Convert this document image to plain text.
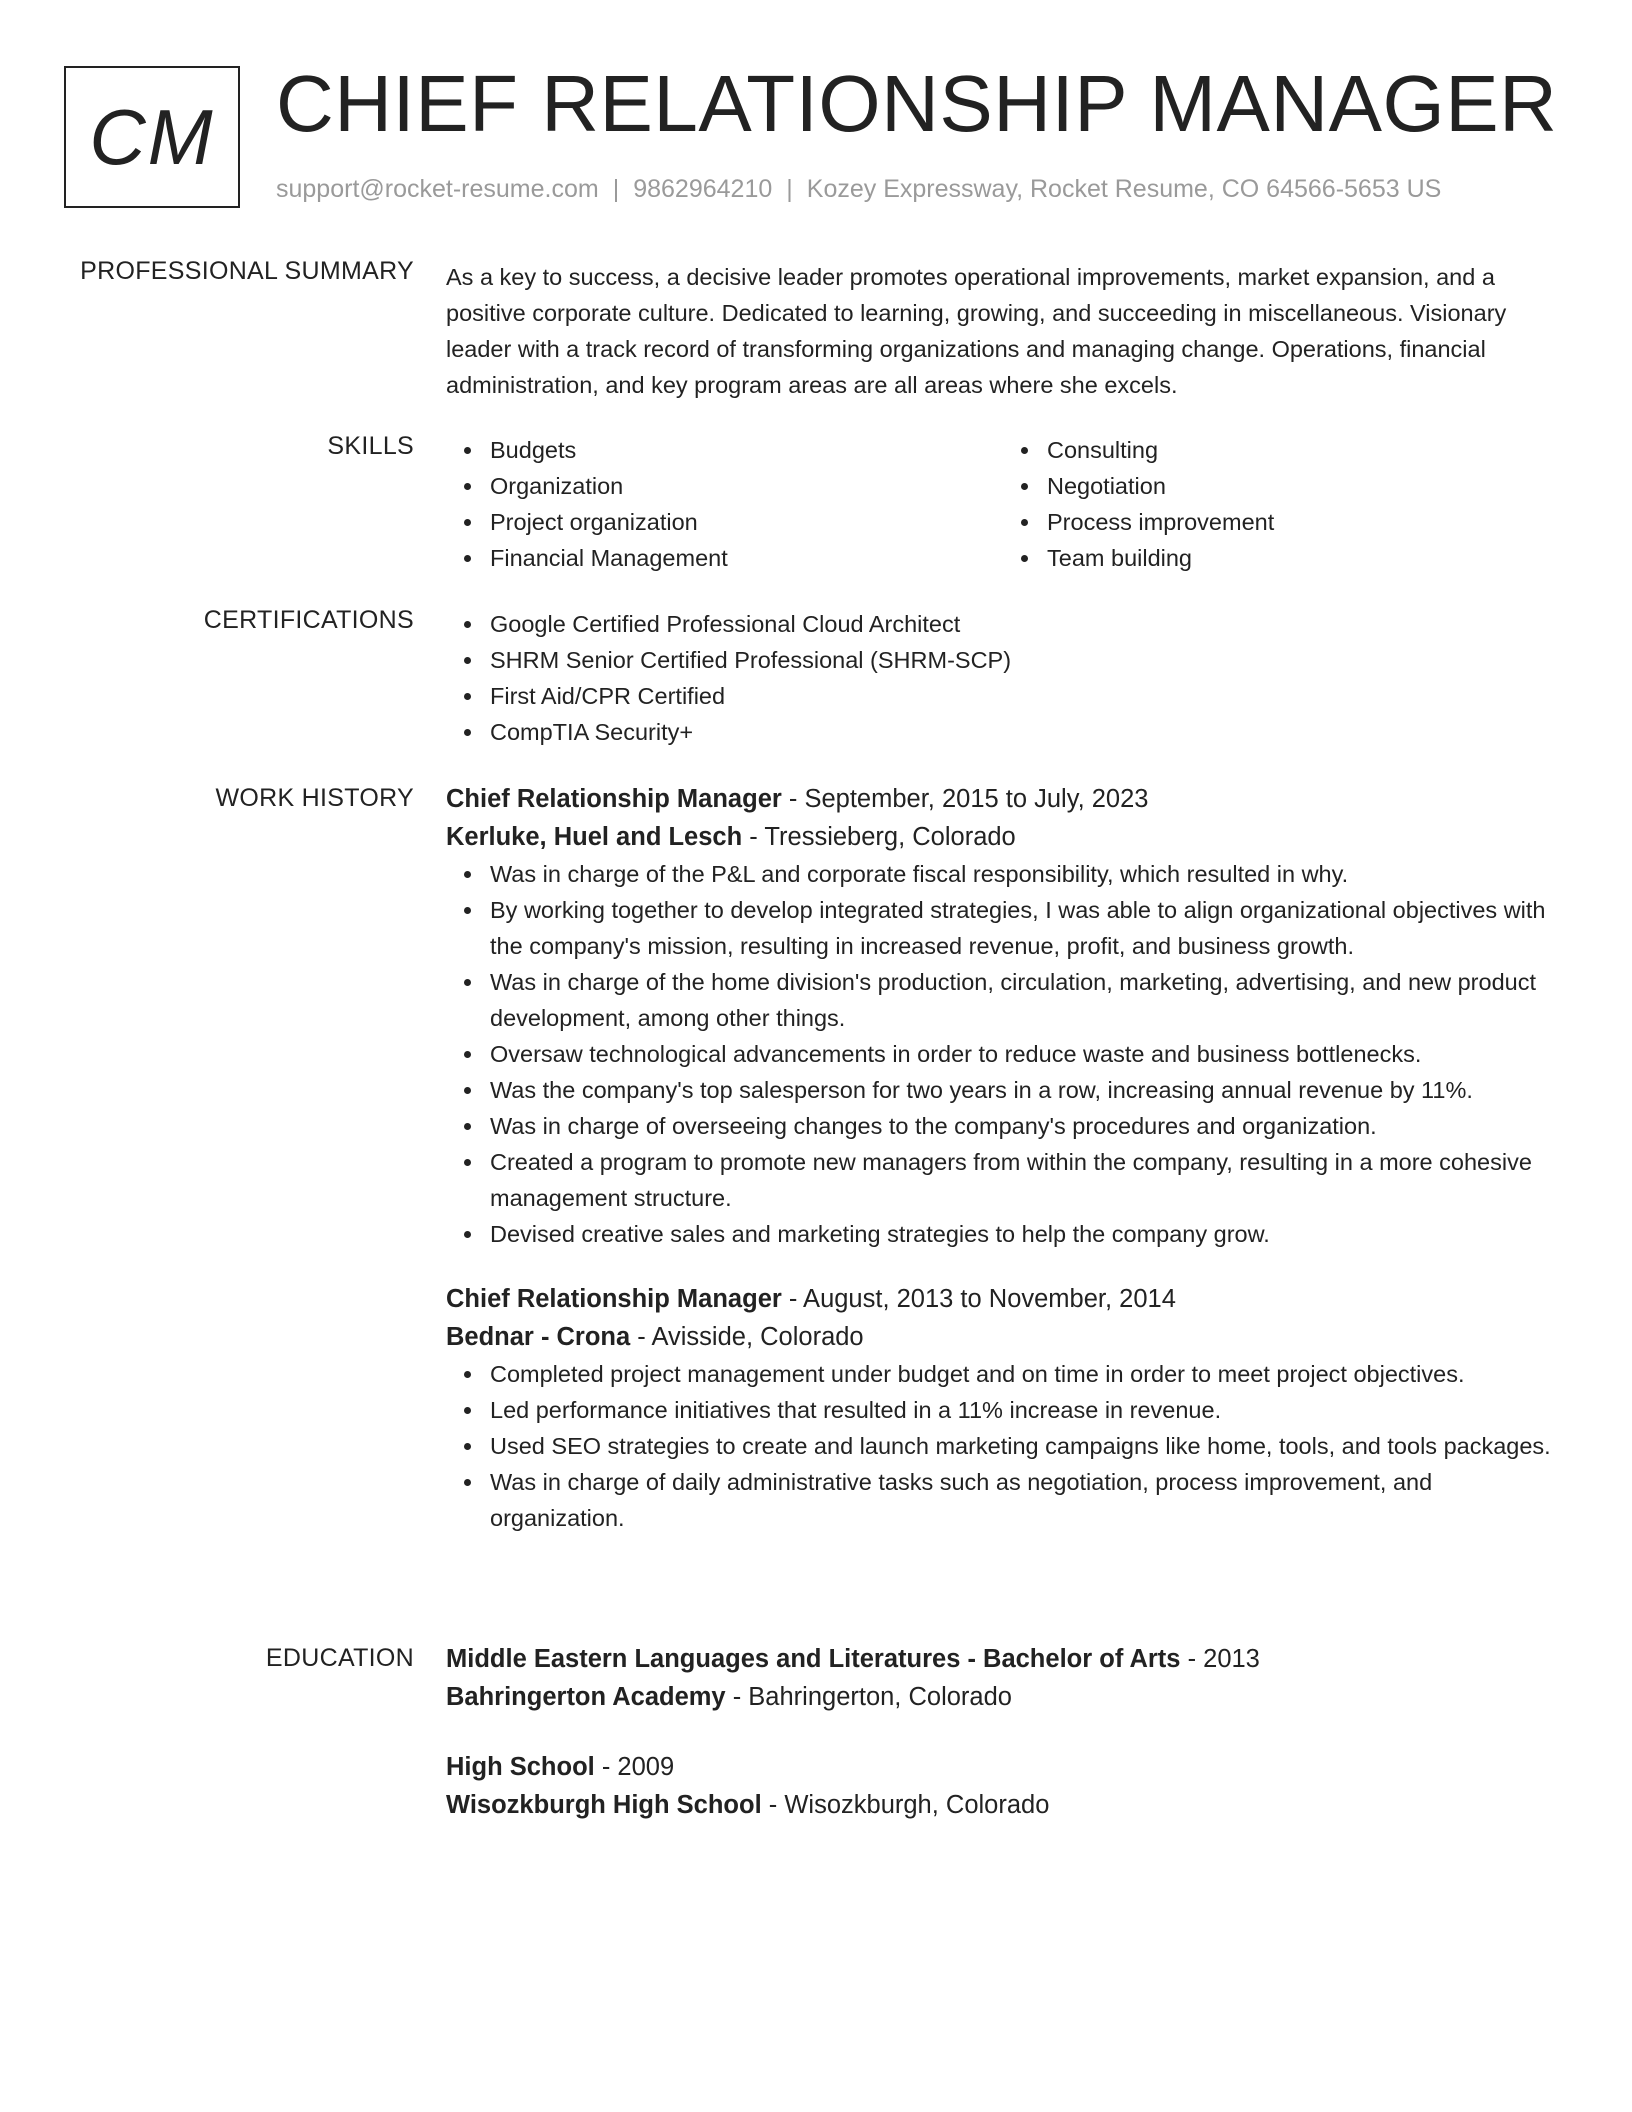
CM CHIEF RELATIONSHIP MANAGER
support@rocket-resume.com | 9862964210 | Kozey Expressway, Rocket Resume, CO 64566-5653 US
PROFESSIONAL SUMMARY As a key to success, a decisive leader promotes operational improvements, market expansion, and a positive corporate culture. Dedicated to learning, growing, and succeeding in miscellaneous. Visionary leader with a track record of transforming organizations and managing change. Operations, financial administration, and key program areas are all areas where she excels.

SKILLS	Budgets
Organization
Project organization
Financial Management
Consulting
Negotiation
Process improvement
Team building
CERTIFICATIONS	Google Certified Professional Cloud Architect
SHRM Senior Certified Professional (SHRM-SCP)
First Aid/CPR Certified
CompTIA Security+
WORK HISTORY Chief Relationship Manager - September, 2015 to July, 2023
Kerluke, Huel and Lesch - Tressieberg, Colorado
Was in charge of the P&L and corporate fiscal responsibility, which resulted in why.
By working together to develop integrated strategies, I was able to align organizational objectives with the company's mission, resulting in increased revenue, profit, and business growth.
Was in charge of the home division's production, circulation, marketing, advertising, and new product development, among other things.
Oversaw technological advancements in order to reduce waste and business bottlenecks.
Was the company's top salesperson for two years in a row, increasing annual revenue by 11%.
Was in charge of overseeing changes to the company's procedures and organization.
Created a program to promote new managers from within the company, resulting in a more cohesive management structure.
Devised creative sales and marketing strategies to help the company grow.
Chief Relationship Manager - August, 2013 to November, 2014
Bednar - Crona - Avisside, Colorado
Completed project management under budget and on time in order to meet project objectives.
Led performance initiatives that resulted in a 11% increase in revenue.
Used SEO strategies to create and launch marketing campaigns like home, tools, and tools packages.
Was in charge of daily administrative tasks such as negotiation, process improvement, and organization.
EDUCATION Middle Eastern Languages and Literatures - Bachelor of Arts - 2013
Bahringerton Academy - Bahringerton, Colorado
High School - 2009
Wisozkburgh High School - Wisozkburgh, Colorado
